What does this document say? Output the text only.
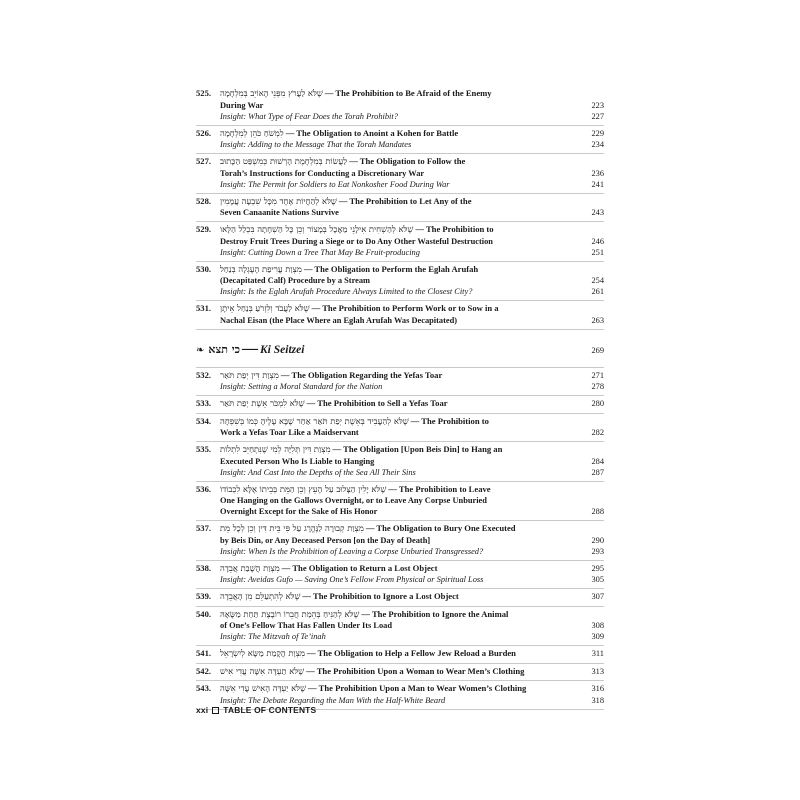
525.	שֶׁלֹּא לַעֲרֹץ מִפְּנֵי הָאוֹיֵב בְּמִלְחָמָה — The Prohibition to Be Afraid of the Enemy
During War	223
Insight: What Type of Fear Does the Torah Prohibit?	227
526.	לִמְשֹׁחַ כֹּהֵן לְמִלְחָמָה — The Obligation to Anoint a Kohen for Battle	229
Insight: Adding to the Message That the Torah Mandates	234
527.	לַעֲשׂוֹת בְּמִלְחֶמֶת הָרְשׁוּת כְּמִשְׁפַּט הַכָּתוּב — The Obligation to Follow the
Torah’s Instructions for Conducting a Discretionary War	236
Insight: The Permit for Soldiers to Eat Nonkosher Food During War	241
528.	שֶׁלֹּא לְהַחֲיוֹת אֶחָד מִכָּל שִׁבְעָה עֲמָמִין — The Prohibition to Let Any of the
Seven Canaanite Nations Survive	243
529.	שֶׁלֹּא לְהַשְׁחִית אִילָנֵי מַאֲכָל בְּמָצוֹר וְכֵן כָּל הַשְׁחָתָה בִּכְלַל הַלָּאו — The Prohibition to
Destroy Fruit Trees During a Siege or to Do Any Other Wasteful Destruction	246
Insight: Cutting Down a Tree That May Be Fruit-producing	251
530.	מִצְוַת עֲרִיפַת הָעֶגְלָה בְּנַחַל — The Obligation to Perform the Eglah Arufah
(Decapitated Calf) Procedure by a Stream	254
Insight: Is the Eglah Arufah Procedure Always Limited to the Closest City?	261
531.	שֶׁלֹּא לַעֲבֹד וְלִזְרֹעַ בְּנַחַל אֵיתָן — The Prohibition to Perform Work or to Sow in a
Nachal Eisan (the Place Where an Eglah Arufah Was Decapitated)	263
❧ כי תצא — Ki Seitzei	269
532.	מִצְוַת דִּין יְפַת תֹּאַר — The Obligation Regarding the Yefas Toar	271
Insight: Setting a Moral Standard for the Nation	278
533.	שֶׁלֹּא לִמְכֹּר אֵשֶׁת יְפַת תֹּאַר — The Prohibition to Sell a Yefas Toar	280
534.	שֶׁלֹּא לְהַעֲבִיד בְּאֵשֶׁת יְפַת תֹּאַר אַחַר שֶׁבָּא עָלֶיהָ כְּמוֹ בְּשִׁפְחָה — The Prohibition to
Work a Yefas Toar Like a Maidservant	282
535.	מִצְוַת דִּין תְּלִיָּה לְמִי שֶׁנִּתְחַיֵּב לִתְלוֹת — The Obligation [Upon Beis Din] to Hang an
Executed Person Who Is Liable to Hanging	284
Insight: And Cast Into the Depths of the Sea All Their Sins	287
536.	שֶׁלֹּא יָלִין הַצָּלוּב עַל הָעֵץ וְכֵן הַמֵּת בְּבֵיתוֹ אֶלָּא לִכְבוֹדוֹ — The Prohibition to Leave
One Hanging on the Gallows Overnight, or to Leave Any Corpse Unburied
Overnight Except for the Sake of His Honor	288
537.	מִצְוַת קְבוּרָה לַנֶּהֱרָג עַל פִּי בֵּית דִּין וְכֵן לְכָל מֵת — The Obligation to Bury One Executed
by Beis Din, or Any Deceased Person [on the Day of Death]	290
Insight: When Is the Prohibition of Leaving a Corpse Unburied Transgressed?	293
538.	מִצְוַת הֲשָׁבַת אֲבֵדָה — The Obligation to Return a Lost Object	295
Insight: Aveidas Gufo — Saving One’s Fellow From Physical or Spiritual Loss	305
539.	שֶׁלֹּא לְהִתְעַלֵּם מִן הָאֲבֵדָה — The Prohibition to Ignore a Lost Object	307
540.	שֶׁלֹּא לְהַנִּיחַ בְּהֵמַת חֲבֵרוֹ רוֹבֶצֶת תַּחַת מַשָּׂאָהּ — The Prohibition to Ignore the Animal
of One’s Fellow That Has Fallen Under Its Load	308
Insight: The Mitzvah of Te’inah	309
541.	מִצְוַת הֲקָמַת מַשָּׂא לְיִשְׂרָאֵל — The Obligation to Help a Fellow Jew Reload a Burden	311
542.	שֶׁלֹּא תַעְדֶּה אִשָּׁה עֲדִי אִישׁ — The Prohibition Upon a Woman to Wear Men’s Clothing	313
543.	שֶׁלֹּא יַעְדֶּה הָאִישׁ עֲדִי אִשָּׁה — The Prohibition Upon a Man to Wear Women’s Clothing	316
Insight: The Debate Regarding the Man With the Half-White Beard	318
xxi TABLE OF CONTENTS
